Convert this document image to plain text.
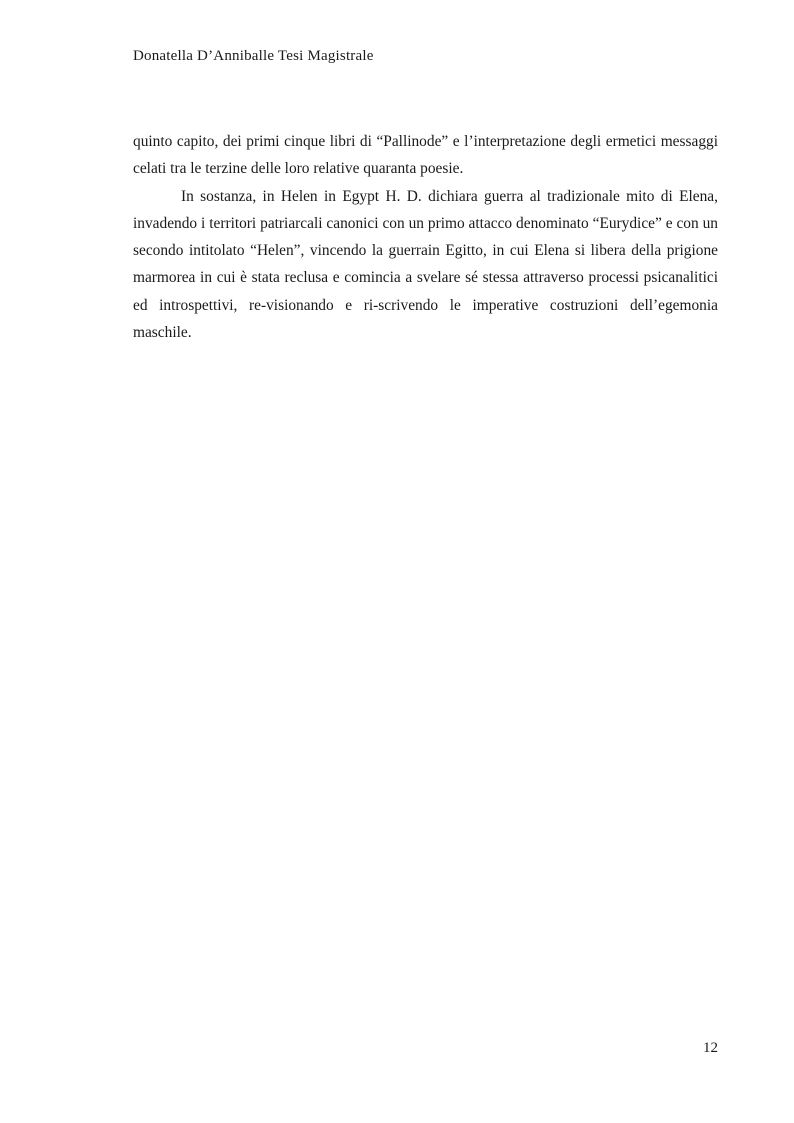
Donatella D’Anniballe Tesi Magistrale

quinto capito, dei primi cinque libri di “Pallinode” e l’interpretazione degli ermetici messaggi celati tra le terzine delle loro relative quaranta poesie.

In sostanza, in Helen in Egypt H. D. dichiara guerra al tradizionale mito di Elena, invadendo i territori patriarcali canonici con un primo attacco denominato “Eurydice” e con un secondo intitolato “Helen”, vincendo la guerrain Egitto, in cui Elena si libera della prigione marmorea in cui è stata reclusa e comincia a svelare sé stessa attraverso processi psicanalitici ed introspettivi, re-visionando e ri-scrivendo le imperative costruzioni dell’egemonia maschile.

12
